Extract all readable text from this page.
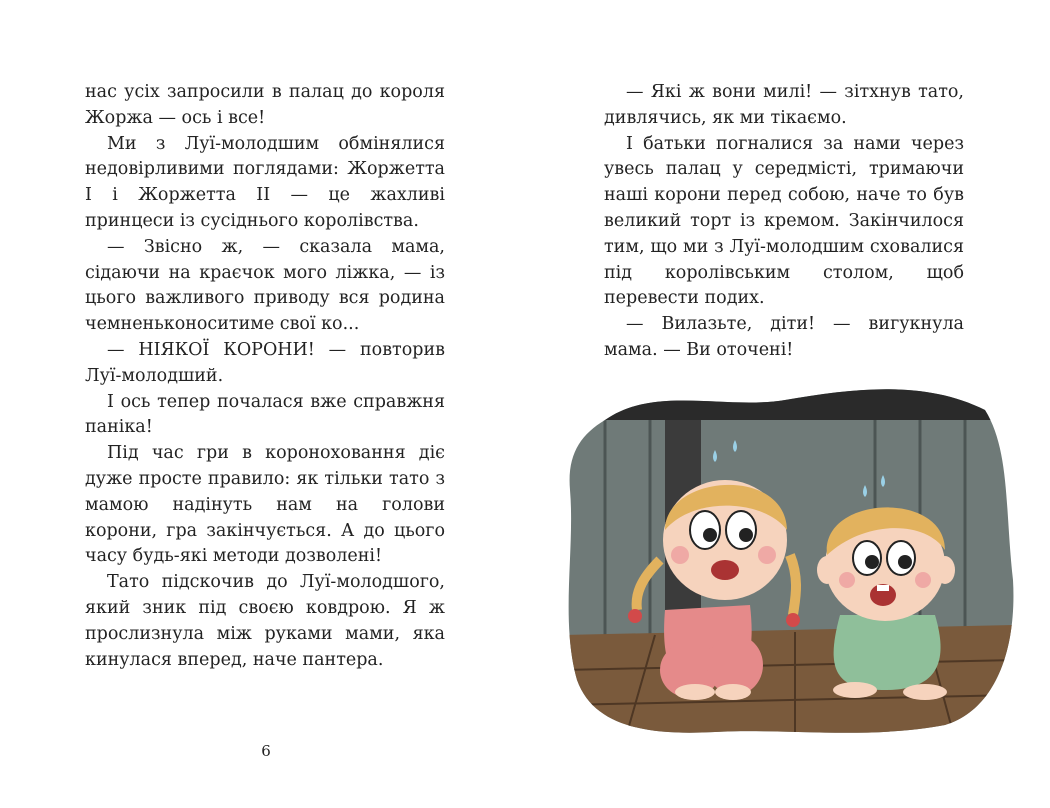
нас усіх запросили в палац до короля Жоржа — ось і все!

Ми з Луї-молодшим обмінялися недовірливими поглядами: Жоржетта I і Жоржетта II — це жахливі принцеси із сусіднього королівства.

— Звісно ж, — сказала мама, сідаючи на краєчок мого ліжка, — із цього важливого приводу вся родина чемненьконоситиме свої ко...

— НІЯКОЇ КОРОНИ! — повторив Луї-молодший.

І ось тепер почалася вже справжня паніка!

Під час гри в короноховання діє дуже просте правило: як тільки тато з мамою надінуть нам на голови корони, гра закінчується. А до цього часу будь-які методи дозволені!

Тато підскочив до Луї-молодшого, який зник під своєю ковдрою. Я ж прослизнула між руками мами, яка кинулася вперед, наче пантера.

— Які ж вони милі! — зітхнув тато, дивлячись, як ми тікаємо.

І батьки погналися за нами через увесь палац у середмісті, тримаючи наші корони перед собою, наче то був великий торт із кремом. Закінчилося тим, що ми з Луї-молодшим сховалися під королівським столом, щоб перевести подих.

— Вилазьте, діти! — вигукнула мама. — Ви оточені!

6
